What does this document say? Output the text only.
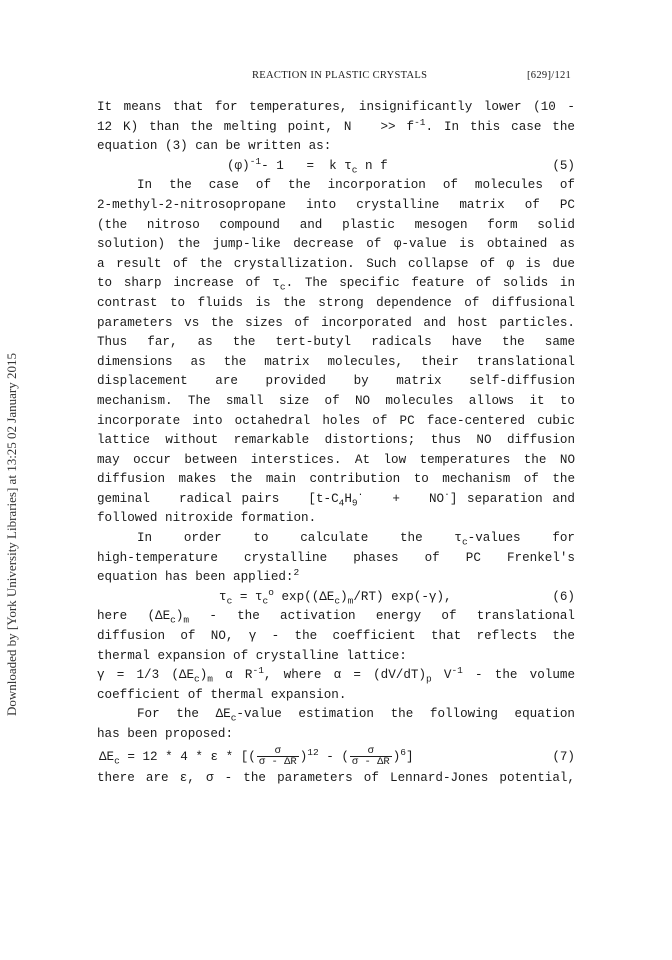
REACTION IN PLASTIC CRYSTALS	[629]/121
Downloaded by [York University Libraries] at 13:25 02 January 2015
It means that for temperatures, insignificantly lower (10 -
12 K) than the melting point, $N >> f^{-1}$. In this case the
equation (3) can be written as:
$(\varphi)^{-1}-$ 1   =  k $\tau_c$ n f	(5)
In the case of the incorporation of molecules of
2-methyl-2-nitrosopropane into crystalline matrix of PC
(the nitroso compound and plastic mesogen form solid
solution) the jump-like decrease of φ-value is obtained as
a result of the crystallization. Such collapse of φ is due
to sharp increase of $\tau_c$. The specific feature of solids in
contrast to fluids is the strong dependence of diffusional
parameters vs the sizes of incorporated and host particles.
Thus far, as the tert-butyl radicals have the same
dimensions as the matrix molecules, their translational
displacement are provided by matrix self-diffusion
mechanism. The small size of NO molecules allows it to
incorporate into octahedral holes of PC face-centered cubic
lattice without remarkable distortions; thus NO diffusion
may occur between interstices. At low temperatures the NO
diffusion makes the main contribution to mechanism of the
geminal   radical pairs   $[t-C_4H_9^\cdot + NO^\cdot]$ separation and
followed nitroxide formation.
In   order   to   calculate   the   $\tau_c$-values   for
high-temperature crystalline phases of PC Frenkel's
equation has been applied:$^2$
$\tau_c = \tau_c^o$ $\exp((\Delta E_c)_m/RT)$ exp(-γ),	(6)
here  $(\Delta E_c)_m$  -  the  activation  energy  of  translational
diffusion of NO, γ - the coefficient that reflects the
thermal expansion of crystalline lattice:
γ = 1/3 $(\Delta E_c)_m$ α $R^{-1}$, where $\alpha = (dV/dT)_p$ $V^{-1}$ - the volume
coefficient of thermal expansion.
For the $\Delta E_c$-value estimation the following equation
has been proposed:
$\Delta E_c = 12 * 4 * \varepsilon$ * [( $\frac{\sigma}{\sigma - \Delta R} )^{12}$ - ( $\frac{\sigma}{\sigma - \Delta R} )^6$]	(7)
there are ε, σ - the parameters of Lennard-Jones potential,
